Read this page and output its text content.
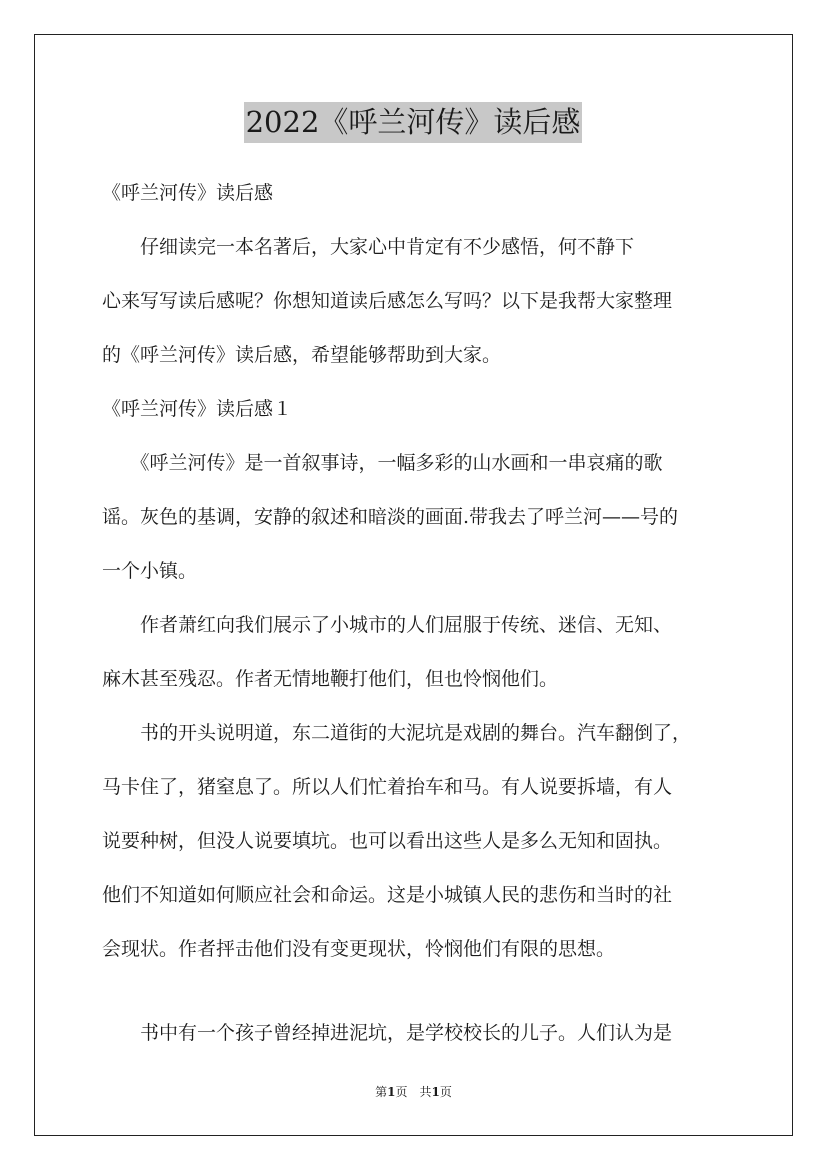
2022《呼兰河传》读后感
《呼兰河传》读后感
　　仔细读完一本名著后，大家心中肯定有不少感悟，何不静下
心来写写读后感呢？你想知道读后感怎么写吗？以下是我帮大家整理
的《呼兰河传》读后感，希望能够帮助到大家。
《呼兰河传》读后感１
　　《呼兰河传》是一首叙事诗，一幅多彩的山水画和一串哀痛的歌
谣。灰色的基调，安静的叙述和暗淡的画面.带我去了呼兰河——号的
一个小镇。
　　作者萧红向我们展示了小城市的人们屈服于传统、迷信、无知、
麻木甚至残忍。作者无情地鞭打他们，但也怜悯他们。
　　书的开头说明道，东二道街的大泥坑是戏剧的舞台。汽车翻倒了，
马卡住了，猪窒息了。所以人们忙着抬车和马。有人说要拆墙，有人
说要种树，但没人说要填坑。也可以看出这些人是多么无知和固执。
他们不知道如何顺应社会和命运。这是小城镇人民的悲伤和当时的社
会现状。作者抨击他们没有变更现状，怜悯他们有限的思想。
　　书中有一个孩子曾经掉进泥坑，是学校校长的儿子。人们认为是
第1页　共1页
